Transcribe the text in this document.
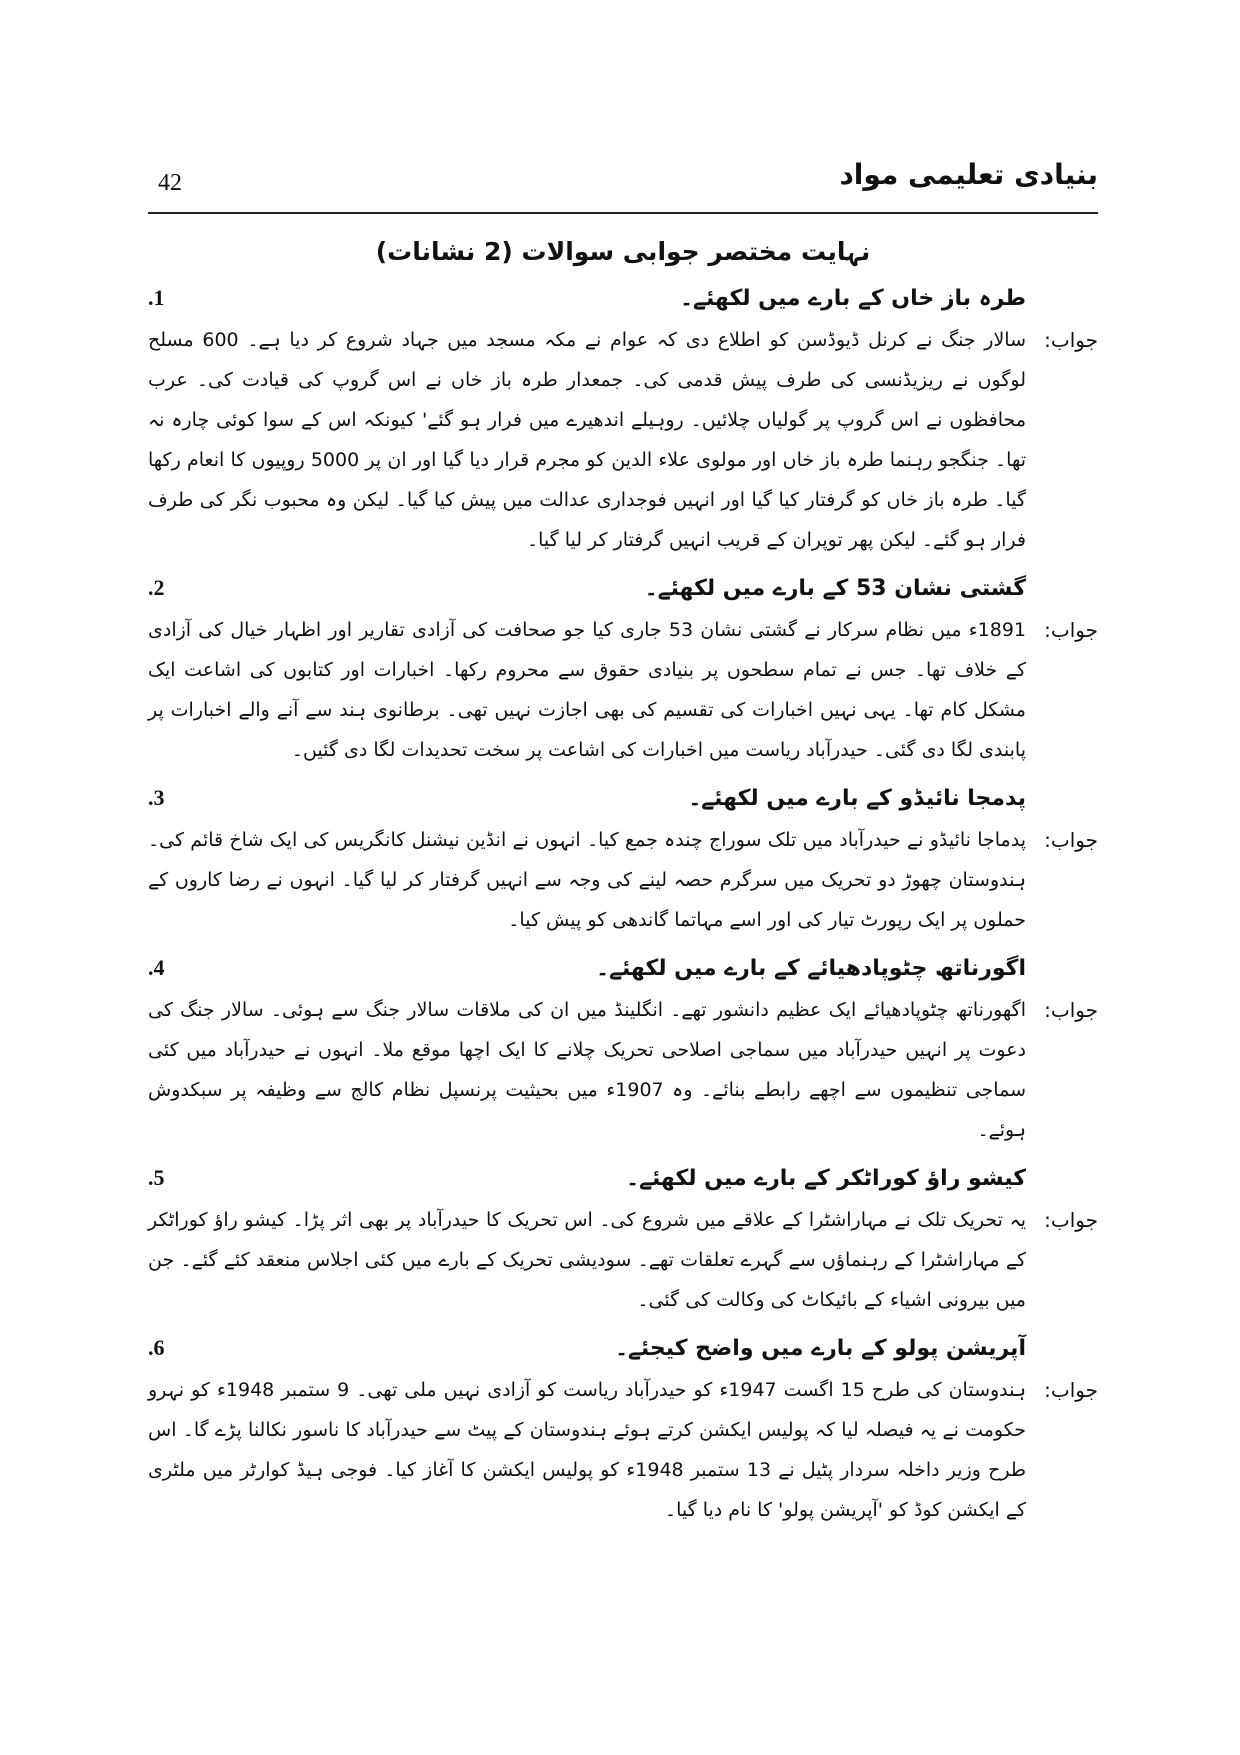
42	بنیادی تعلیمی مواد
نہایت مختصر جوابی سوالات (2 نشانات)
طرہ باز خاں کے بارے میں لکھئے۔
.1
جواب:
سالار جنگ نے کرنل ڈیوڈسن کو اطلاع دی کہ عوام نے مکہ مسجد میں جہاد شروع کر دیا ہے۔ 600 مسلح لوگوں نے ریزیڈنسی کی طرف پیش قدمی کی۔ جمعدار طرہ باز خاں نے اس گروپ کی قیادت کی۔ عرب محافظوں نے اس گروپ پر گولیاں چلائیں۔ روہیلے اندھیرے میں فرار ہو گئے' کیونکہ اس کے سوا کوئی چارہ نہ تھا۔ جنگجو رہنما طرہ باز خاں اور مولوی علاء الدین کو مجرم قرار دیا گیا اور ان پر 5000 روپیوں کا انعام رکھا گیا۔ طرہ باز خاں کو گرفتار کیا گیا اور انہیں فوجداری عدالت میں پیش کیا گیا۔ لیکن وہ محبوب نگر کی طرف فرار ہو گئے۔ لیکن پھر توپران کے قریب انہیں گرفتار کر لیا گیا۔
گشتی نشان 53 کے بارے میں لکھئے۔
.2
جواب:
1891ء میں نظام سرکار نے گشتی نشان 53 جاری کیا جو صحافت کی آزادی تقاریر اور اظہار خیال کی آزادی کے خلاف تھا۔ جس نے تمام سطحوں پر بنیادی حقوق سے محروم رکھا۔ اخبارات اور کتابوں کی اشاعت ایک مشکل کام تھا۔ یہی نہیں اخبارات کی تقسیم کی بھی اجازت نہیں تھی۔ برطانوی ہند سے آنے والے اخبارات پر پابندی لگا دی گئی۔ حیدرآباد ریاست میں اخبارات کی اشاعت پر سخت تحدیدات لگا دی گئیں۔
پدمجا نائیڈو کے بارے میں لکھئے۔
.3
جواب:
پدماجا نائیڈو نے حیدرآباد میں تلک سوراج چندہ جمع کیا۔ انہوں نے انڈین نیشنل کانگریس کی ایک شاخ قائم کی۔ ہندوستان چھوڑ دو تحریک میں سرگرم حصہ لینے کی وجہ سے انہیں گرفتار کر لیا گیا۔ انہوں نے رضا کاروں کے حملوں پر ایک رپورٹ تیار کی اور اسے مہاتما گاندھی کو پیش کیا۔
اگورناتھ چٹوپادھیائے کے بارے میں لکھئے۔
.4
جواب:
اگھورناتھ چٹوپادھیائے ایک عظیم دانشور تھے۔ انگلینڈ میں ان کی ملاقات سالار جنگ سے ہوئی۔ سالار جنگ کی دعوت پر انہیں حیدرآباد میں سماجی اصلاحی تحریک چلانے کا ایک اچھا موقع ملا۔ انہوں نے حیدرآباد میں کئی سماجی تنظیموں سے اچھے رابطے بنائے۔ وہ 1907ء میں بحیثیت پرنسپل نظام کالج سے وظیفہ پر سبکدوش ہوئے۔
کیشو راؤ کوراٹکر کے بارے میں لکھئے۔
.5
جواب:
یہ تحریک تلک نے مہاراشٹرا کے علاقے میں شروع کی۔ اس تحریک کا حیدرآباد پر بھی اثر پڑا۔ کیشو راؤ کوراٹکر کے مہاراشٹرا کے رہنماؤں سے گہرے تعلقات تھے۔ سودیشی تحریک کے بارے میں کئی اجلاس منعقد کئے گئے۔ جن میں بیرونی اشیاء کے بائیکاٹ کی وکالت کی گئی۔
آپریشن پولو کے بارے میں واضح کیجئے۔
.6
جواب:
ہندوستان کی طرح 15 اگست 1947ء کو حیدرآباد ریاست کو آزادی نہیں ملی تھی۔ 9 ستمبر 1948ء کو نہرو حکومت نے یہ فیصلہ لیا کہ پولیس ایکشن کرتے ہوئے ہندوستان کے پیٹ سے حیدرآباد کا ناسور نکالنا پڑے گا۔ اس طرح وزیر داخلہ سردار پٹیل نے 13 ستمبر 1948ء کو پولیس ایکشن کا آغاز کیا۔ فوجی ہیڈ کوارٹر میں ملٹری کے ایکشن کوڈ کو 'آپریشن پولو' کا نام دیا گیا۔
